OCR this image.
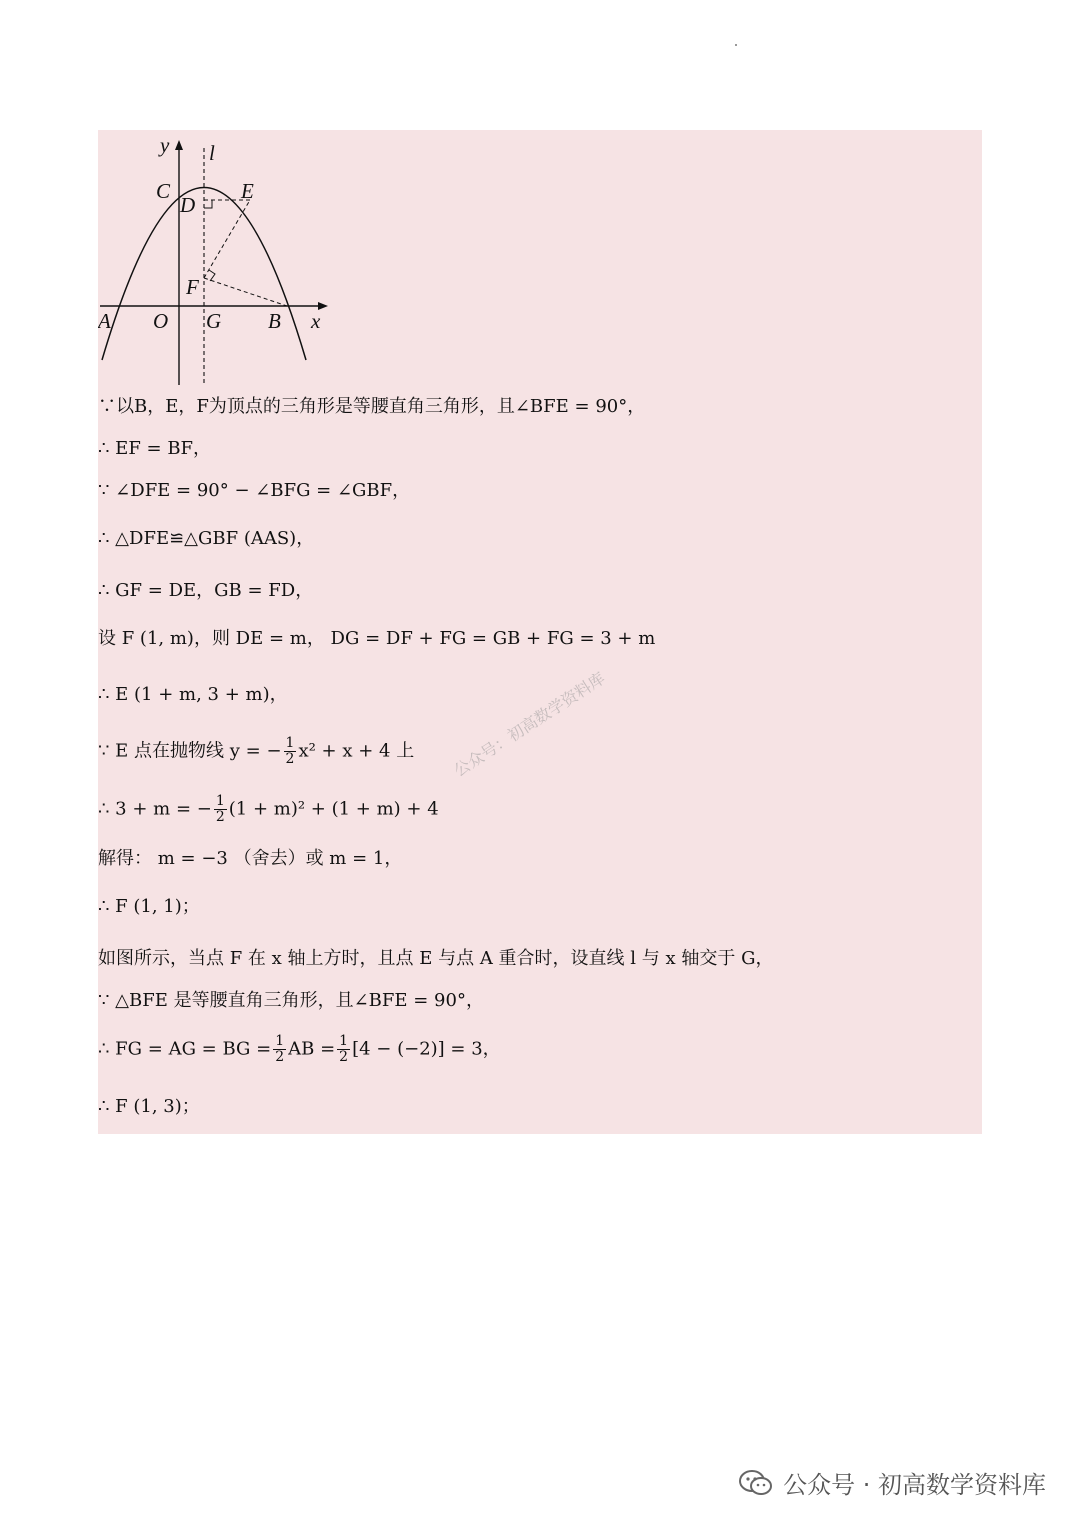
y l
C
D
E
F
A O G B x
∵以B，E，F为顶点的三角形是等腰直角三角形，且∠BFE = 90°，
∴ EF = BF，
∵ ∠DFE = 90° − ∠BFG = ∠GBF，
∴ △DFE≌△GBF (AAS)，
∴ GF = DE，GB = FD，
设 F (1, m)，则 DE = m， DG = DF + FG = GB + FG = 3 + m
∴ E (1 + m, 3 + m)，
∵ E 点在抛物线 y = − $\frac{1}{2} x^2 + x + 4$ 上
∴ 3 + m = − $\frac{1}{2} (1 + m)^2 + (1 + m) + 4$
解得： m = −3 （舍去）或 m = 1，
∴ F (1, 1)；
如图所示，当点 F 在 x 轴上方时，且点 E 与点 A 重合时，设直线 l 与 x 轴交于 G，
∵ △BFE 是等腰直角三角形，且∠BFE = 90°，
∴ FG = AG = BG = $\frac{1}{2}$ AB = $\frac{1}{2} [4 - (-2)] = 3$，
∴ F (1, 3)；
公众号：初高数学资料库
公众号 · 初高数学资料库
